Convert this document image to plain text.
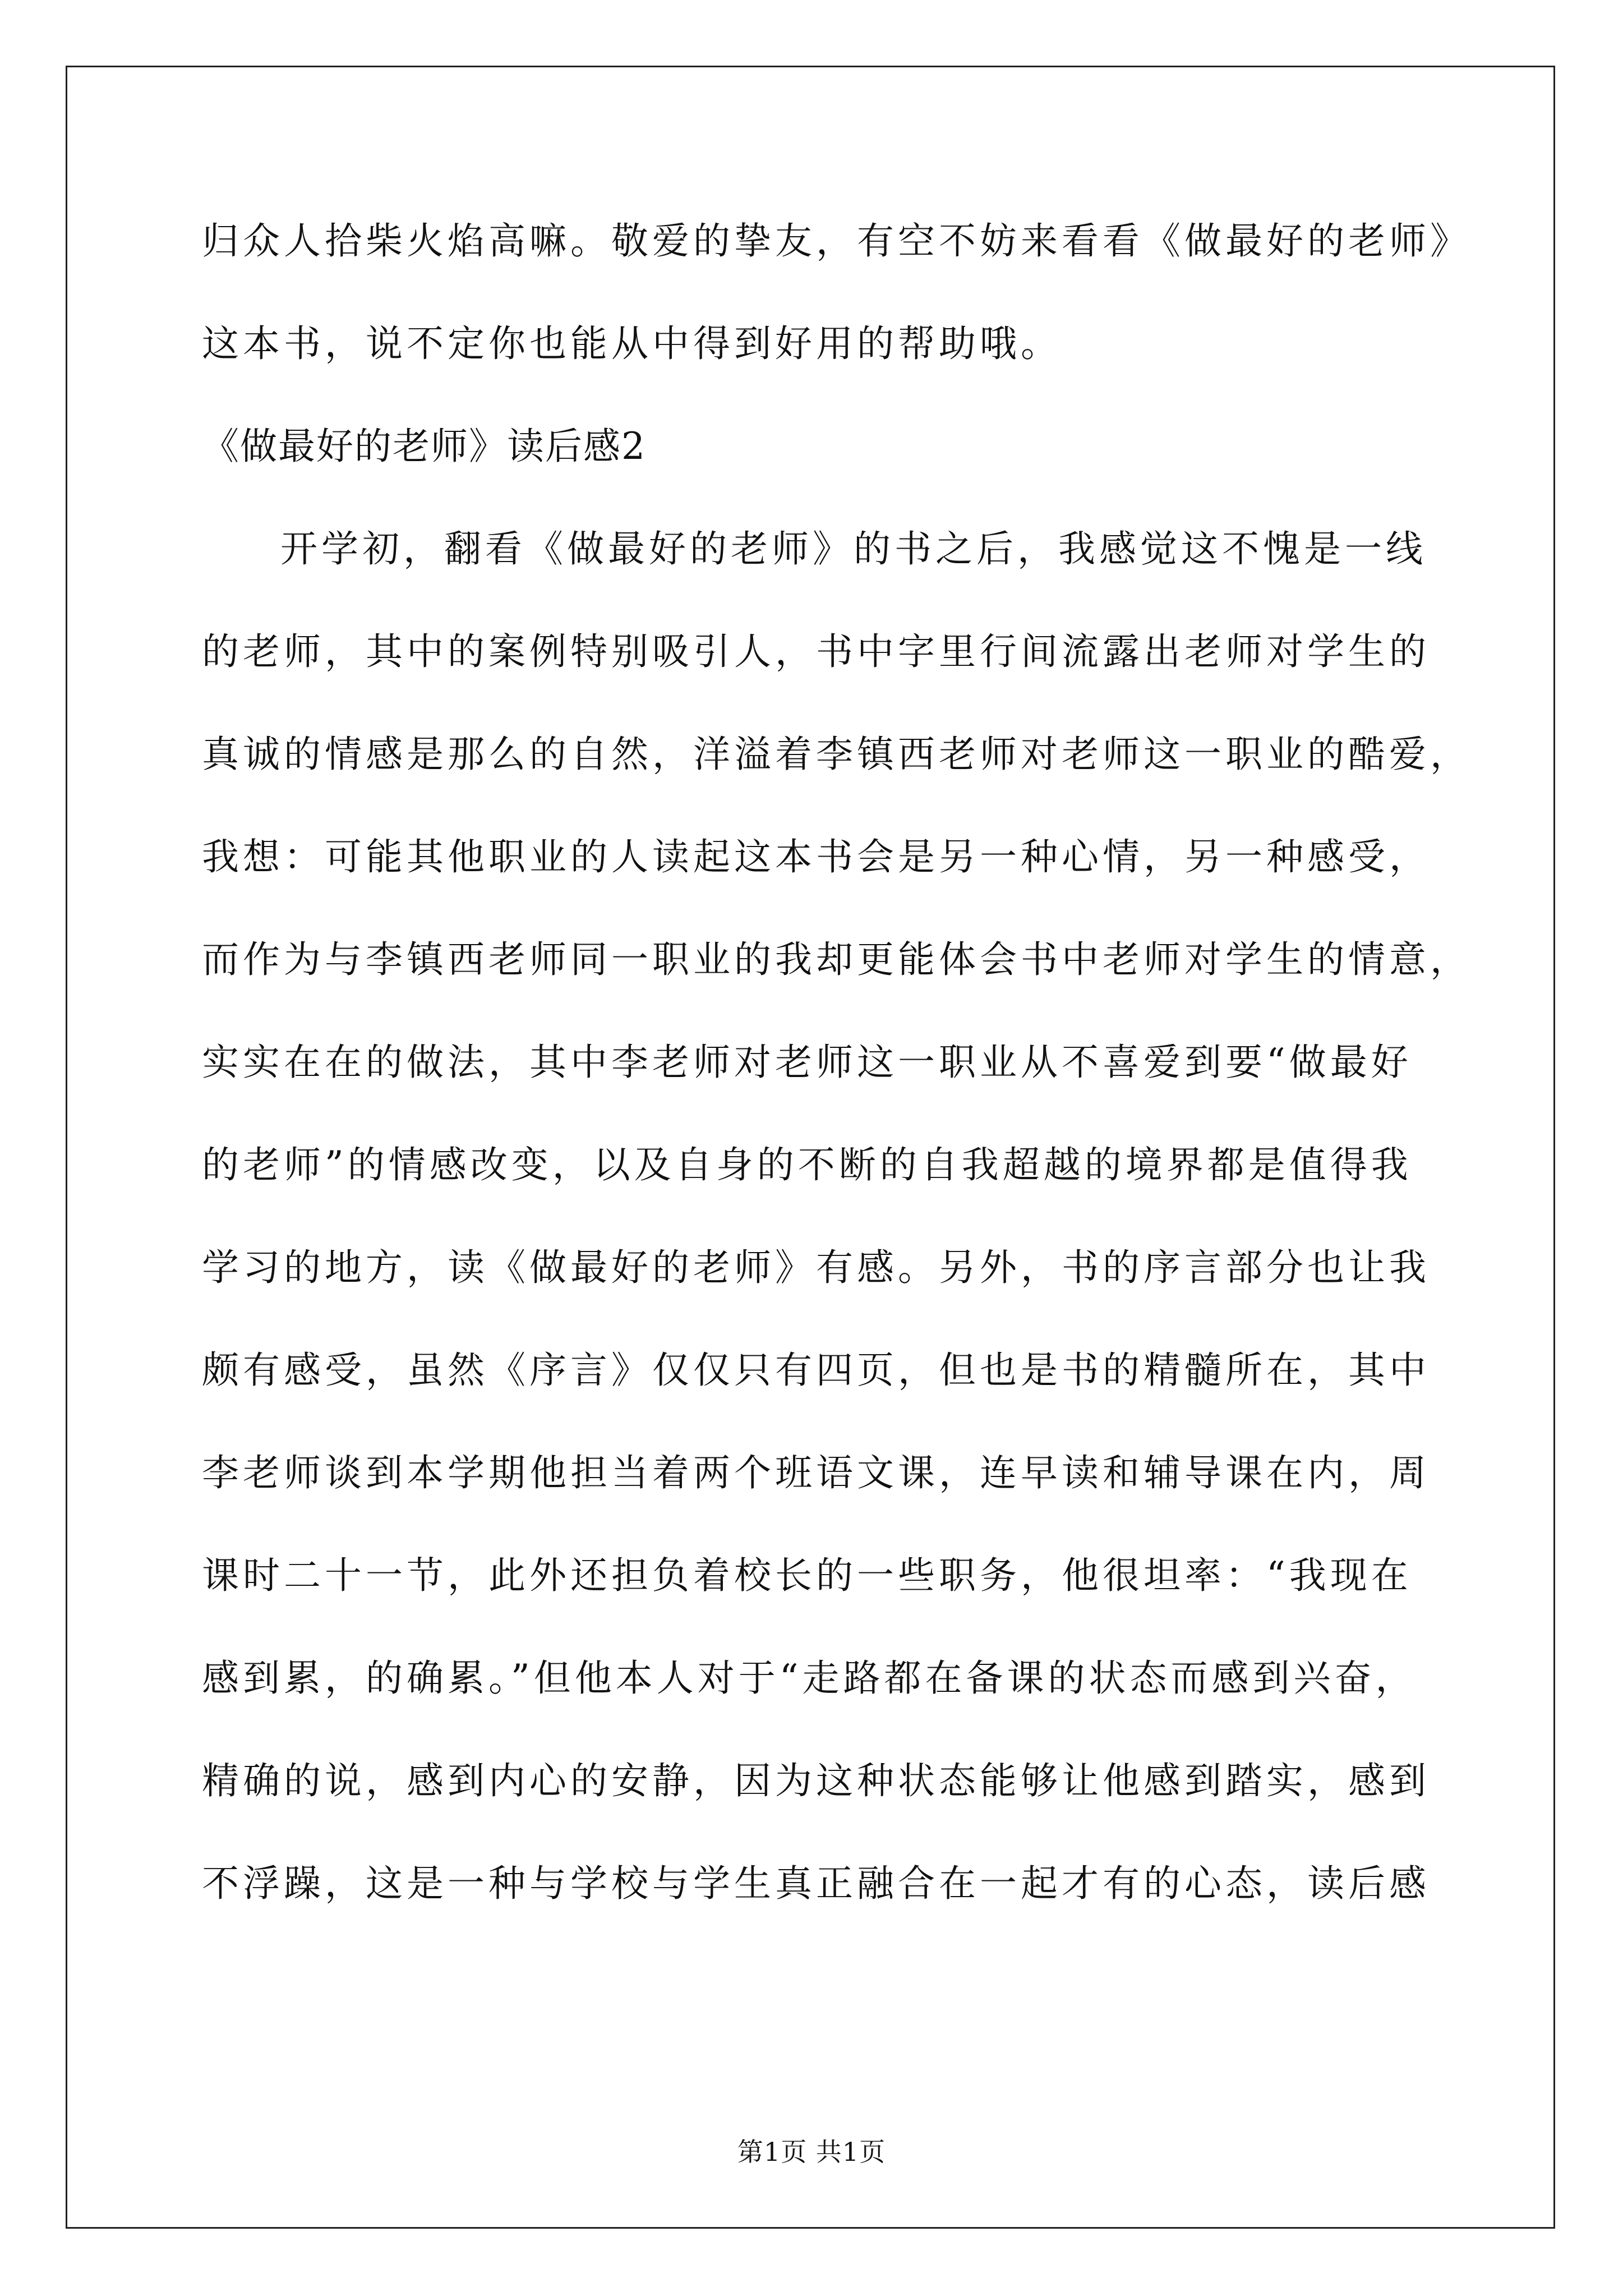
归众人拾柴火焰高嘛。敬爱的挚友，有空不妨来看看《做最好的老师》
这本书，说不定你也能从中得到好用的帮助哦。
《做最好的老师》读后感2
开学初，翻看《做最好的老师》的书之后，我感觉这不愧是一线
的老师，其中的案例特别吸引人，书中字里行间流露出老师对学生的
真诚的情感是那么的自然，洋溢着李镇西老师对老师这一职业的酷爱，
我想：可能其他职业的人读起这本书会是另一种心情，另一种感受，
而作为与李镇西老师同一职业的我却更能体会书中老师对学生的情意，
实实在在的做法，其中李老师对老师这一职业从不喜爱到要“做最好
的老师”的情感改变，以及自身的不断的自我超越的境界都是值得我
学习的地方，读《做最好的老师》有感。另外，书的序言部分也让我
颇有感受，虽然《序言》仅仅只有四页，但也是书的精髓所在，其中
李老师谈到本学期他担当着两个班语文课，连早读和辅导课在内，周
课时二十一节，此外还担负着校长的一些职务，他很坦率：“我现在
感到累，的确累。”但他本人对于“走路都在备课的状态而感到兴奋，
精确的说，感到内心的安静，因为这种状态能够让他感到踏实，感到
不浮躁，这是一种与学校与学生真正融合在一起才有的心态，读后感
第1页 共1页
